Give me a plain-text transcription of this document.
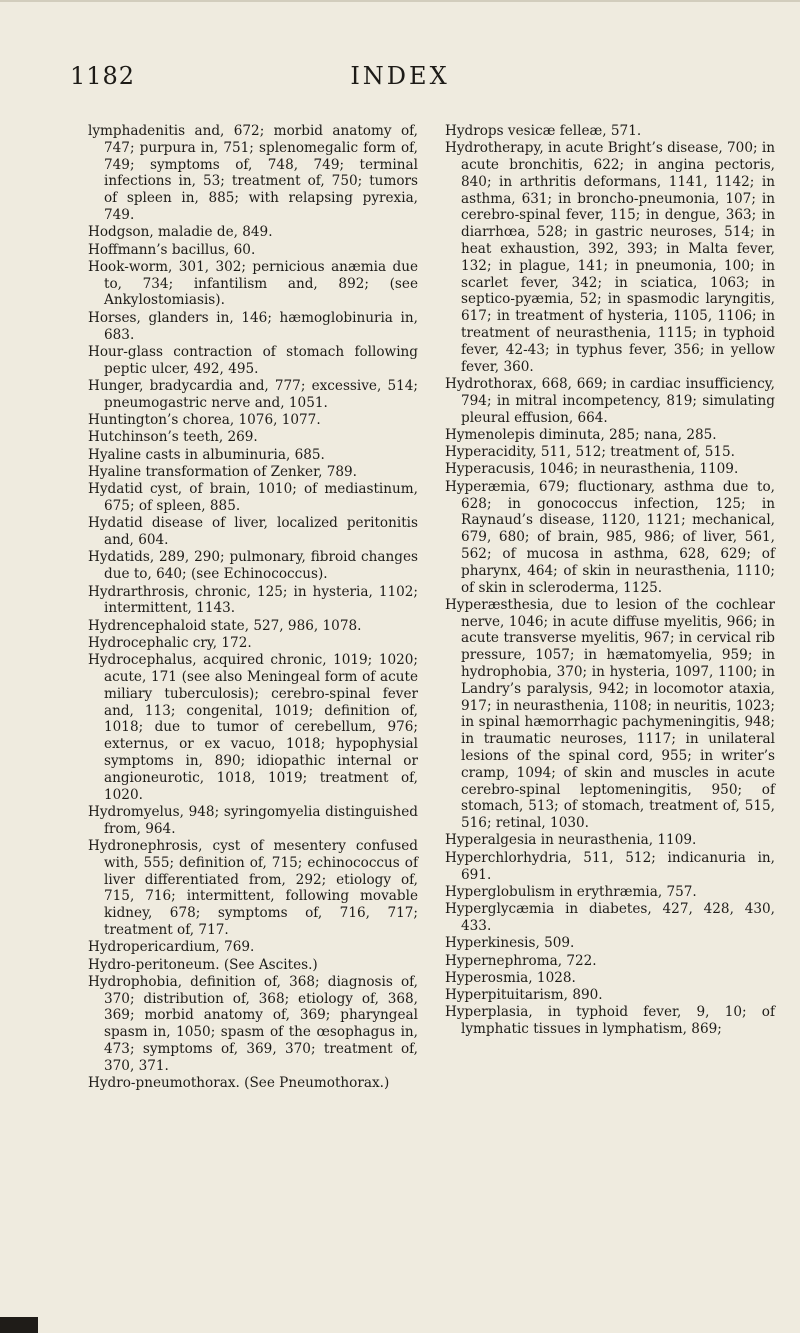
1182	INDEX

lymphadenitis and, 672; morbid anatomy of, 747; purpura in, 751; splenomegalic form of, 749; symptoms of, 748, 749; terminal infections in, 53; treatment of, 750; tumors of spleen in, 885; with relapsing pyrexia, 749.

Hodgson, maladie de, 849.

Hoffmann’s bacillus, 60.

Hook-worm, 301, 302; pernicious anæmia due to, 734; infantilism and, 892; (see Ankylostomiasis).

Horses, glanders in, 146; hæmoglobinuria in, 683.

Hour-glass contraction of stomach following peptic ulcer, 492, 495.

Hunger, bradycardia and, 777; excessive, 514; pneumogastric nerve and, 1051.

Huntington’s chorea, 1076, 1077.

Hutchinson’s teeth, 269.

Hyaline casts in albuminuria, 685.

Hyaline transformation of Zenker, 789.

Hydatid cyst, of brain, 1010; of mediastinum, 675; of spleen, 885.

Hydatid disease of liver, localized peritonitis and, 604.

Hydatids, 289, 290; pulmonary, fibroid changes due to, 640; (see Echinococcus).

Hydrarthrosis, chronic, 125; in hysteria, 1102; intermittent, 1143.

Hydrencephaloid state, 527, 986, 1078.

Hydrocephalic cry, 172.

Hydrocephalus, acquired chronic, 1019; 1020; acute, 171 (see also Meningeal form of acute miliary tuberculosis); cerebro-spinal fever and, 113; congenital, 1019; definition of, 1018; due to tumor of cerebellum, 976; externus, or ex vacuo, 1018; hypophysial symptoms in, 890; idiopathic internal or angioneurotic, 1018, 1019; treatment of, 1020.

Hydromyelus, 948; syringomyelia distinguished from, 964.

Hydronephrosis, cyst of mesentery confused with, 555; definition of, 715; echinococcus of liver differentiated from, 292; etiology of, 715, 716; intermittent, following movable kidney, 678; symptoms of, 716, 717; treatment of, 717.

Hydropericardium, 769.

Hydro-peritoneum. (See Ascites.)

Hydrophobia, definition of, 368; diagnosis of, 370; distribution of, 368; etiology of, 368, 369; morbid anatomy of, 369; pharyngeal spasm in, 1050; spasm of the œsophagus in, 473; symptoms of, 369, 370; treatment of, 370, 371.

Hydro-pneumothorax. (See Pneumothorax.)

Hydrops vesicæ felleæ, 571.

Hydrotherapy, in acute Bright’s disease, 700; in acute bronchitis, 622; in angina pectoris, 840; in arthritis deformans, 1141, 1142; in asthma, 631; in broncho-pneumonia, 107; in cerebro-spinal fever, 115; in dengue, 363; in diarrhœa, 528; in gastric neuroses, 514; in heat exhaustion, 392, 393; in Malta fever, 132; in plague, 141; in pneumonia, 100; in scarlet fever, 342; in sciatica, 1063; in septico-pyæmia, 52; in spasmodic laryngitis, 617; in treatment of hysteria, 1105, 1106; in treatment of neurasthenia, 1115; in typhoid fever, 42-43; in typhus fever, 356; in yellow fever, 360.

Hydrothorax, 668, 669; in cardiac insufficiency, 794; in mitral incompetency, 819; simulating pleural effusion, 664.

Hymenolepis diminuta, 285; nana, 285.

Hyperacidity, 511, 512; treatment of, 515.

Hyperacusis, 1046; in neurasthenia, 1109.

Hyperæmia, 679; fluctionary, asthma due to, 628; in gonococcus infection, 125; in Raynaud’s disease, 1120, 1121; mechanical, 679, 680; of brain, 985, 986; of liver, 561, 562; of mucosa in asthma, 628, 629; of pharynx, 464; of skin in neurasthenia, 1110; of skin in scleroderma, 1125.

Hyperæsthesia, due to lesion of the cochlear nerve, 1046; in acute diffuse myelitis, 966; in acute transverse myelitis, 967; in cervical rib pressure, 1057; in hæmatomyelia, 959; in hydrophobia, 370; in hysteria, 1097, 1100; in Landry’s paralysis, 942; in locomotor ataxia, 917; in neurasthenia, 1108; in neuritis, 1023; in spinal hæmorrhagic pachymeningitis, 948; in traumatic neuroses, 1117; in unilateral lesions of the spinal cord, 955; in writer’s cramp, 1094; of skin and muscles in acute cerebro-spinal leptomeningitis, 950; of stomach, 513; of stomach, treatment of, 515, 516; retinal, 1030.

Hyperalgesia in neurasthenia, 1109.

Hyperchlorhydria, 511, 512; indicanuria in, 691.

Hyperglobulism in erythræmia, 757.

Hyperglycæmia in diabetes, 427, 428, 430, 433.

Hyperkinesis, 509.

Hypernephroma, 722.

Hyperosmia, 1028.

Hyperpituitarism, 890.

Hyperplasia, in typhoid fever, 9, 10; of lymphatic tissues in lymphatism, 869;
